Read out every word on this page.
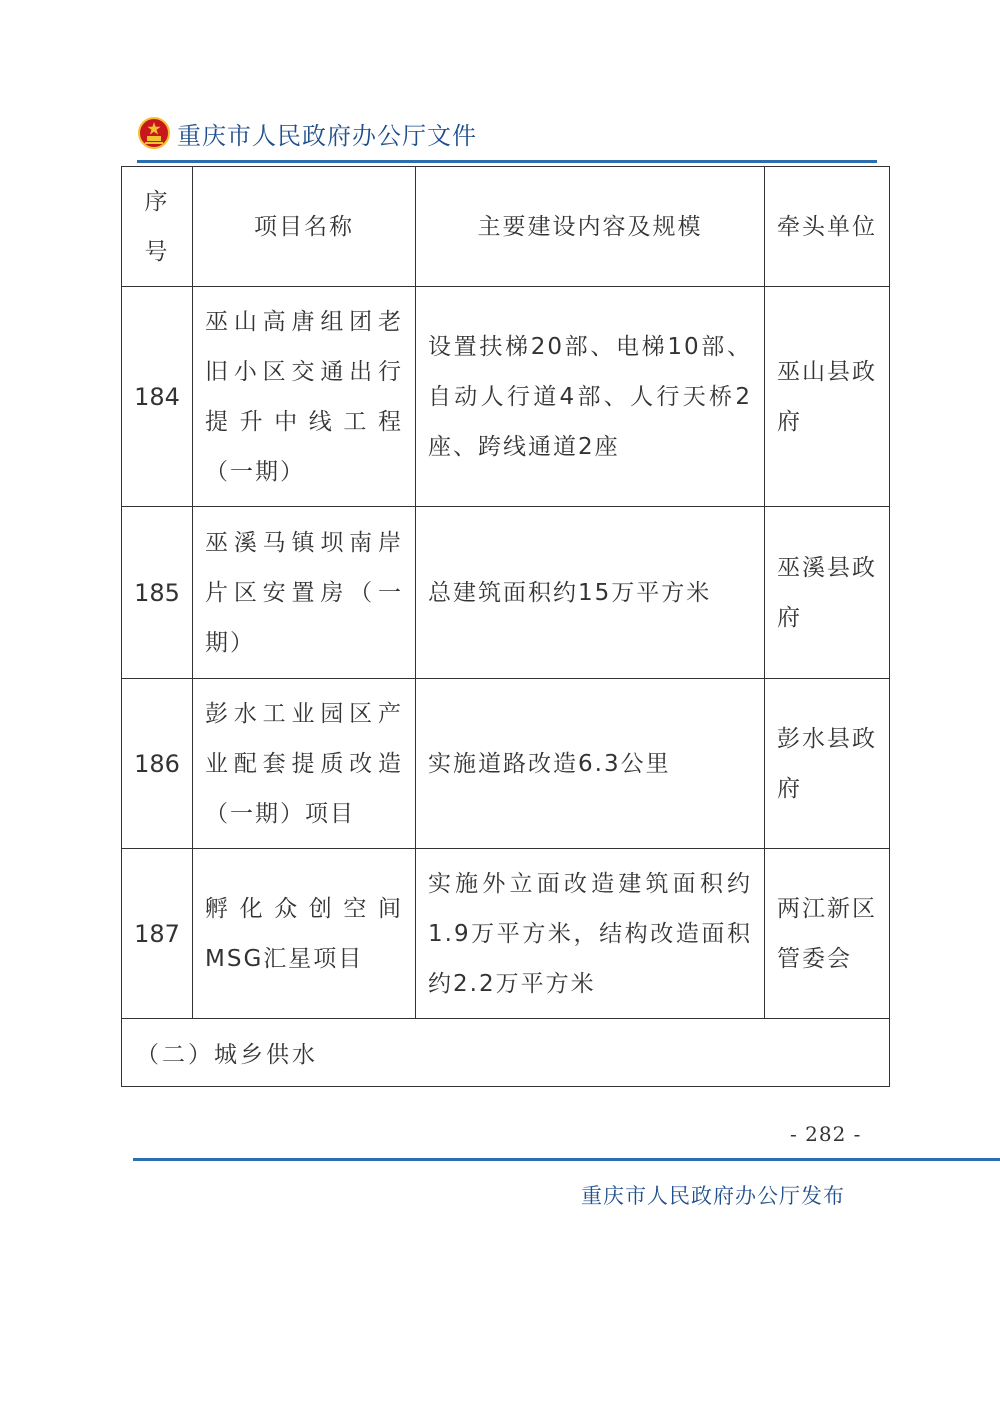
重庆市人民政府办公厅文件
序号	项目名称	主要建设内容及规模	牵头单位

184	巫山高唐组团老旧小区交通出行提升中线工程（一期）	设置扶梯20部、电梯10部、自动人行道4部、人行天桥2座、跨线通道2座	巫山县政府

185	巫溪马镇坝南岸片区安置房（一期）	总建筑面积约15万平方米	巫溪县政府

186	彭水工业园区产业配套提质改造（一期）项目	实施道路改造6.3公里	彭水县政府

187	孵化众创空间MSG汇星项目	实施外立面改造建筑面积约1.9万平方米，结构改造面积约2.2万平方米	两江新区管委会

（二）城乡供水			
- 282 -
重庆市人民政府办公厅发布
